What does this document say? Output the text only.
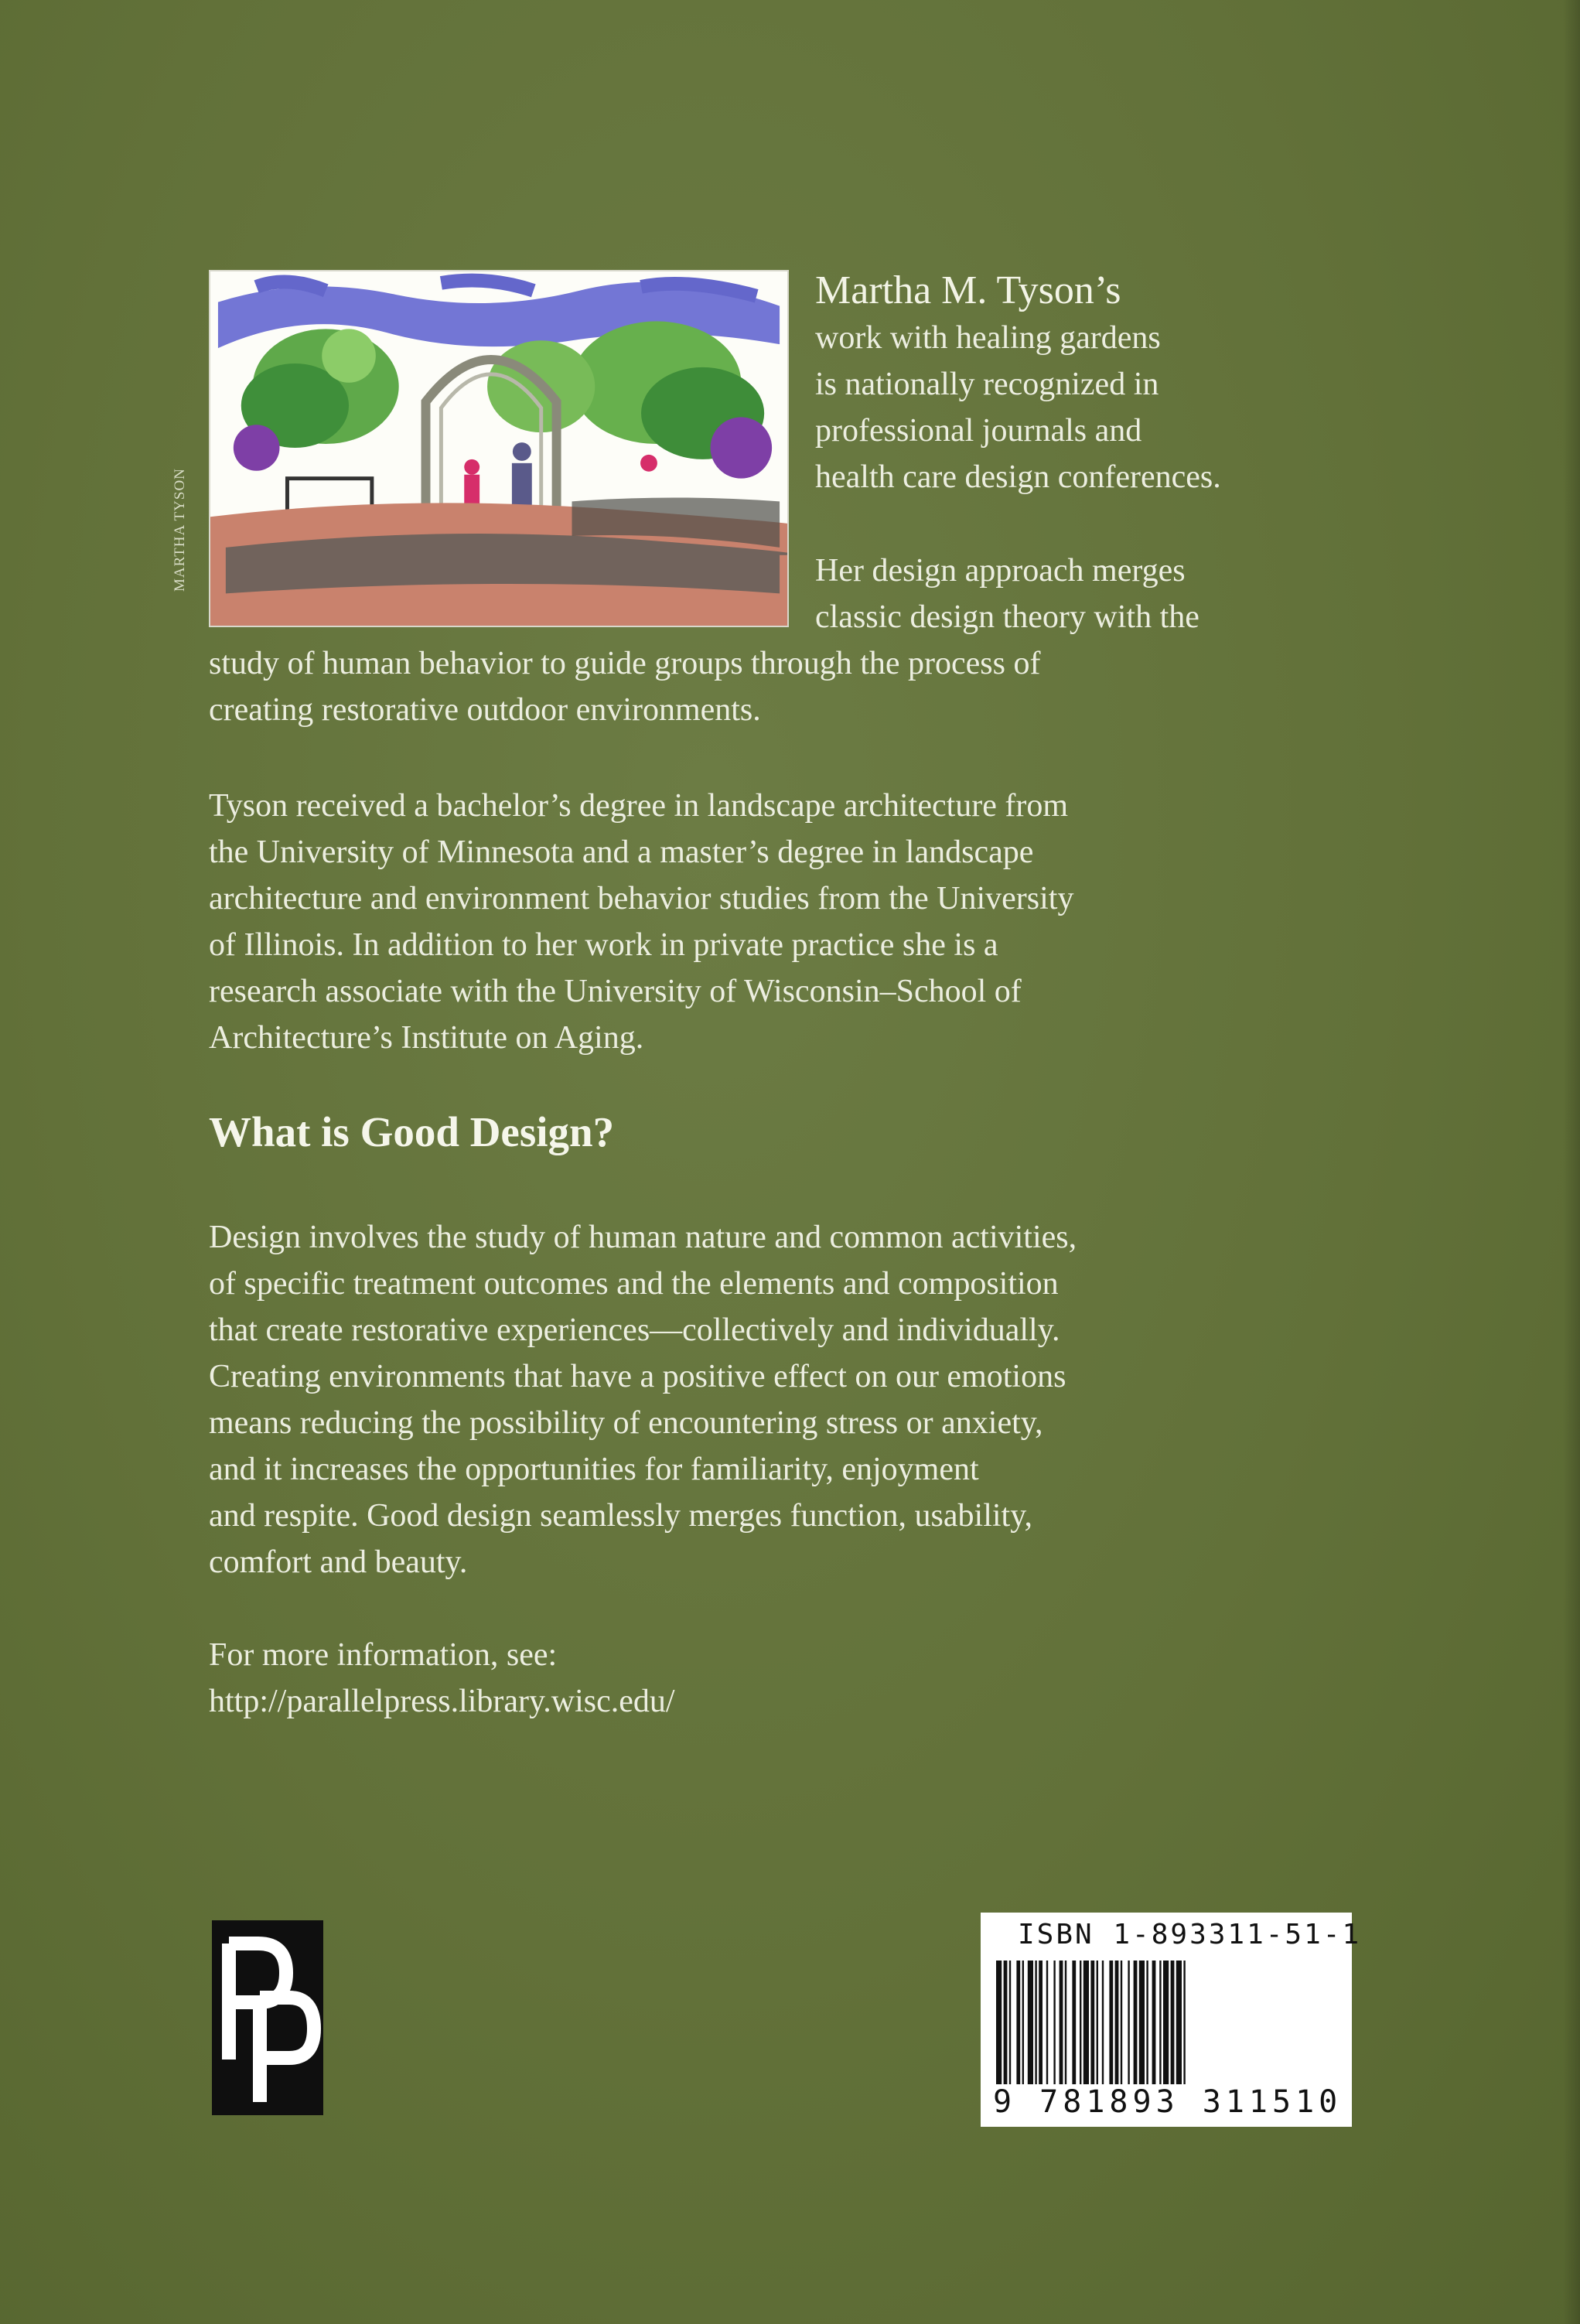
MARTHA TYSON
Martha M. Tyson’s

work with healing gardens
is nationally recognized in
professional journals and
health care design conferences.

Her design approach merges
classic design theory with the

study of human behavior to guide groups through the process of
creating restorative outdoor environments.

Tyson received a bachelor’s degree in landscape architecture from
the University of Minnesota and a master’s degree in landscape
architecture and environment behavior studies from the University
of Illinois. In addition to her work in private practice she is a
research associate with the University of Wisconsin–School of
Architecture’s Institute on Aging.

What is Good Design?

Design involves the study of human nature and common activities,
of specific treatment outcomes and the elements and composition
that create restorative experiences—collectively and individually.
Creating environments that have a positive effect on our emotions
means reducing the possibility of encountering stress or anxiety,
and it increases the opportunities for familiarity, enjoyment
and respite. Good design seamlessly merges function, usability,
comfort and beauty.

For more information, see:
http://parallelpress.library.wisc.edu/

ISBN 1-893311-51-1
9 781893 311510
